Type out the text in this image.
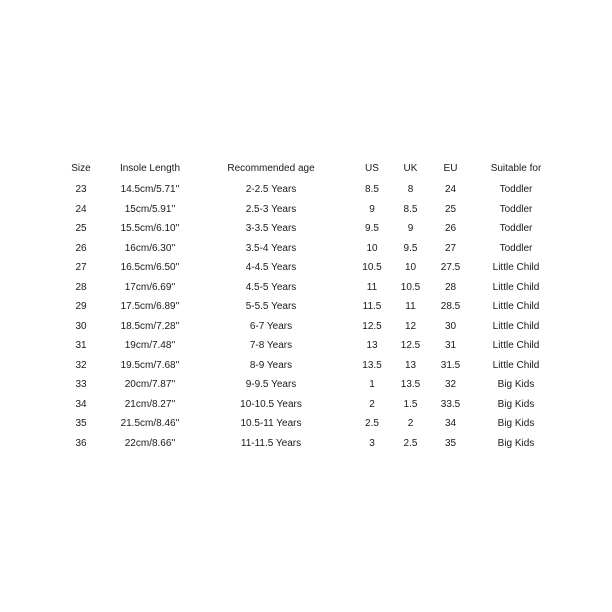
Size	Insole Length	Recommended age	US	UK	EU	Suitable for
23	14.5cm/5.71''	2-2.5 Years	8.5	8	24	Toddler
24	15cm/5.91''	2.5-3 Years	9	8.5	25	Toddler
25	15.5cm/6.10''	3-3.5 Years	9.5	9	26	Toddler
26	16cm/6.30''	3.5-4 Years	10	9.5	27	Toddler
27	16.5cm/6.50''	4-4.5 Years	10.5	10	27.5	Little Child
28	17cm/6.69''	4.5-5 Years	11	10.5	28	Little Child
29	17.5cm/6.89''	5-5.5 Years	11.5	11	28.5	Little Child
30	18.5cm/7.28''	6-7 Years	12.5	12	30	Little Child
31	19cm/7.48''	7-8 Years	13	12.5	31	Little Child
32	19.5cm/7.68''	8-9 Years	13.5	13	31.5	Little Child
33	20cm/7.87''	9-9.5 Years	1	13.5	32	Big Kids
34	21cm/8.27''	10-10.5 Years	2	1.5	33.5	Big Kids
35	21.5cm/8.46''	10.5-11 Years	2.5	2	34	Big Kids
36	22cm/8.66''	11-11.5 Years	3	2.5	35	Big Kids
